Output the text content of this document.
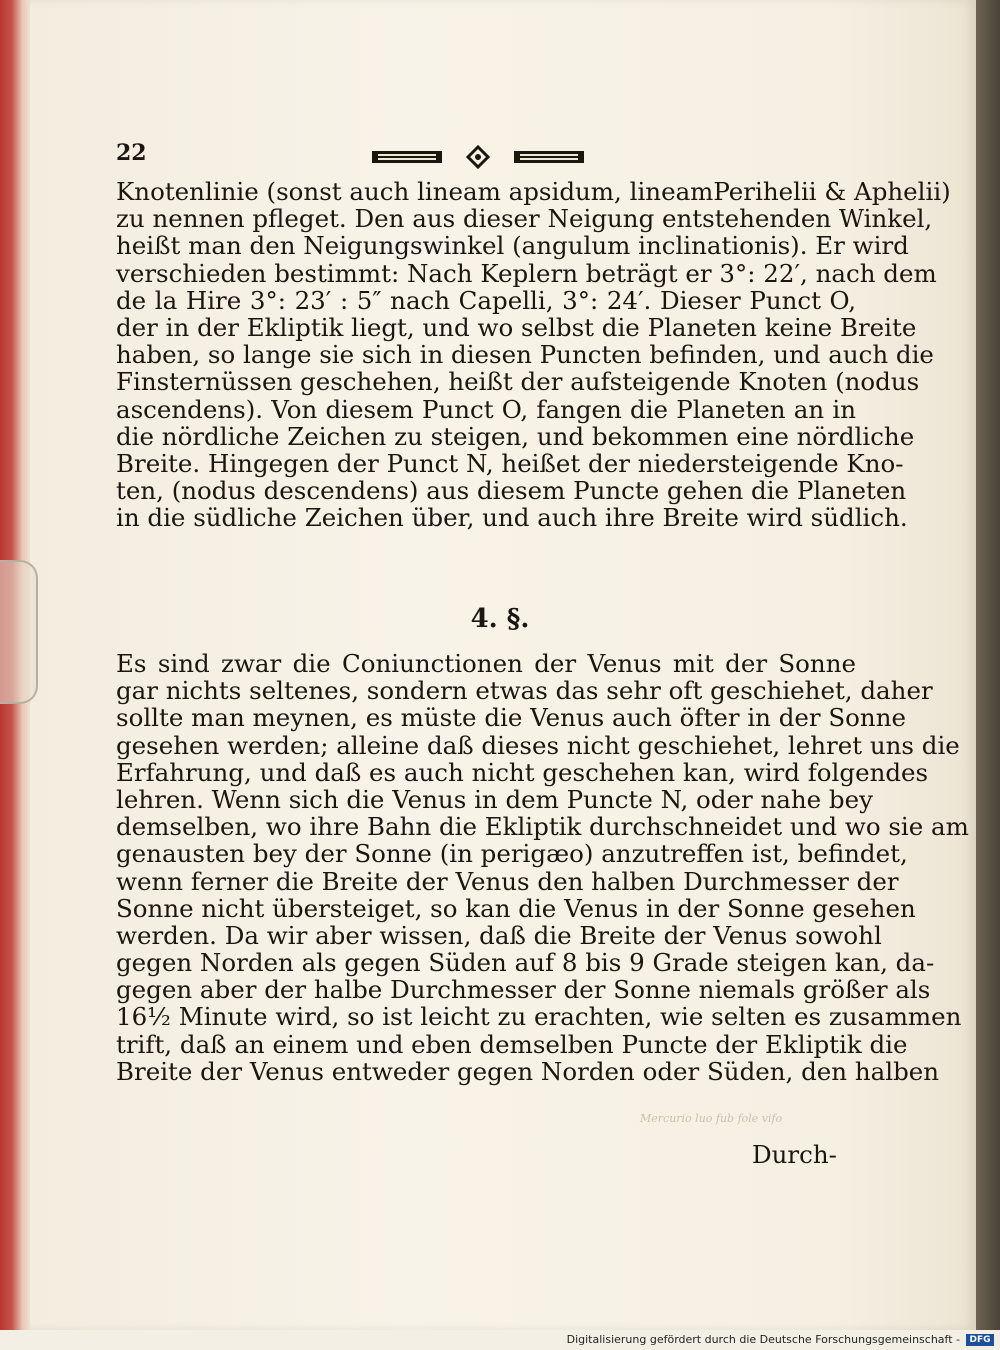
22
Knotenlinie (sonst auch lineam apsidum, lineamPerihelii & Aphelii)
zu nennen pfleget. Den aus dieser Neigung entstehenden Winkel,
heißt man den Neigungswinkel (angulum inclinationis). Er wird
verschieden bestimmt: Nach Keplern beträgt er 3°: 22′, nach dem
de la Hire 3°: 23′ : 5″ nach Capelli, 3°: 24′. Dieser Punct O,
der in der Ekliptik liegt, und wo selbst die Planeten keine Breite
haben, so lange sie sich in diesen Puncten befinden, und auch die
Finsternüssen geschehen, heißt der aufsteigende Knoten (nodus
ascendens). Von diesem Punct O, fangen die Planeten an in
die nördliche Zeichen zu steigen, und bekommen eine nördliche
Breite. Hingegen der Punct N, heißet der niedersteigende Kno-
ten, (nodus descendens) aus diesem Puncte gehen die Planeten
in die südliche Zeichen über, und auch ihre Breite wird südlich.
4. §.
Es sind zwar die Coniunctionen der Venus mit der Sonne
gar nichts seltenes, sondern etwas das sehr oft geschiehet, daher
sollte man meynen, es müste die Venus auch öfter in der Sonne
gesehen werden; alleine daß dieses nicht geschiehet, lehret uns die
Erfahrung, und daß es auch nicht geschehen kan, wird folgendes
lehren. Wenn sich die Venus in dem Puncte N, oder nahe bey
demselben, wo ihre Bahn die Ekliptik durchschneidet und wo sie am
genausten bey der Sonne (in perigæo) anzutreffen ist, befindet,
wenn ferner die Breite der Venus den halben Durchmesser der
Sonne nicht übersteiget, so kan die Venus in der Sonne gesehen
werden. Da wir aber wissen, daß die Breite der Venus sowohl
gegen Norden als gegen Süden auf 8 bis 9 Grade steigen kan, da-
gegen aber der halbe Durchmesser der Sonne niemals größer als
16½ Minute wird, so ist leicht zu erachten, wie selten es zusammen
trift, daß an einem und eben demselben Puncte der Ekliptik die
Breite der Venus entweder gegen Norden oder Süden, den halben
Mercurio luo fub fole vifo
Durch-
Digitalisierung gefördert durch die Deutsche Forschungsgemeinschaft -	DFG
